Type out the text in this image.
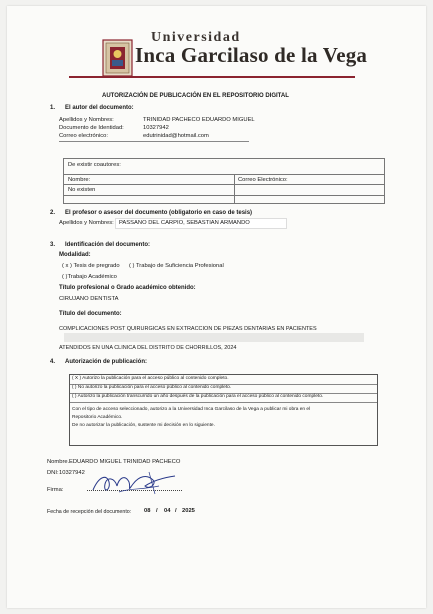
Universidad
Inca Garcilaso de la Vega
AUTORIZACIÓN DE PUBLICACIÓN EN EL REPOSITORIO DIGITAL
1. El autor del documento:
Apellidos y Nombres:	TRINIDAD PACHECO EDUARDO MIGUEL
Documento de Identidad:	10327942
Correo electrónico:	edutrinidad@hotmail.com
De existir coautores:
Nombre:	Correo Electrónico:
No existen
2. El profesor o asesor del documento (obligatorio en caso de tesis)
Apellidos y Nombres: PASSANO DEL CARPIO, SEBASTIAN ARMANDO
3. Identificación del documento:
Modalidad:
( x ) Tesis de pregrado ( ) Trabajo de Suficiencia Profesional
( )Trabajo Académico
Título profesional o Grado académico obtenido:
CIRUJANO DENTISTA
Título del documento:
COMPLICACIONES POST QUIRURGICAS EN EXTRACCION DE PIEZAS DENTARIAS EN PACIENTES
ATENDIDOS EN UNA CLINICA DEL DISTRITO DE CHORRILLOS, 2024
4. Autorización de publicación:
( X ) Autorizo la publicación para el acceso público al contenido completo.
( ) No autorizo la publicación para el acceso público al contenido completo.
( ) Autorizo la publicación transcurrido un año después de la publicación para el acceso público al contenido completo.
Con el tipo de acceso seleccionado, autorizo a la Universidad Inca Garcilaso de la Vega a publicar mi obra en el
Repositorio Académico.
De no autorizar la publicación, sustente mi decisión en lo siguiente.
Nombre. EDUARDO MIGUEL TRINIDAD PACHECO
DNI: 10327942
Firma:
Fecha de recepción del documento: 08 / 04 / 2025
